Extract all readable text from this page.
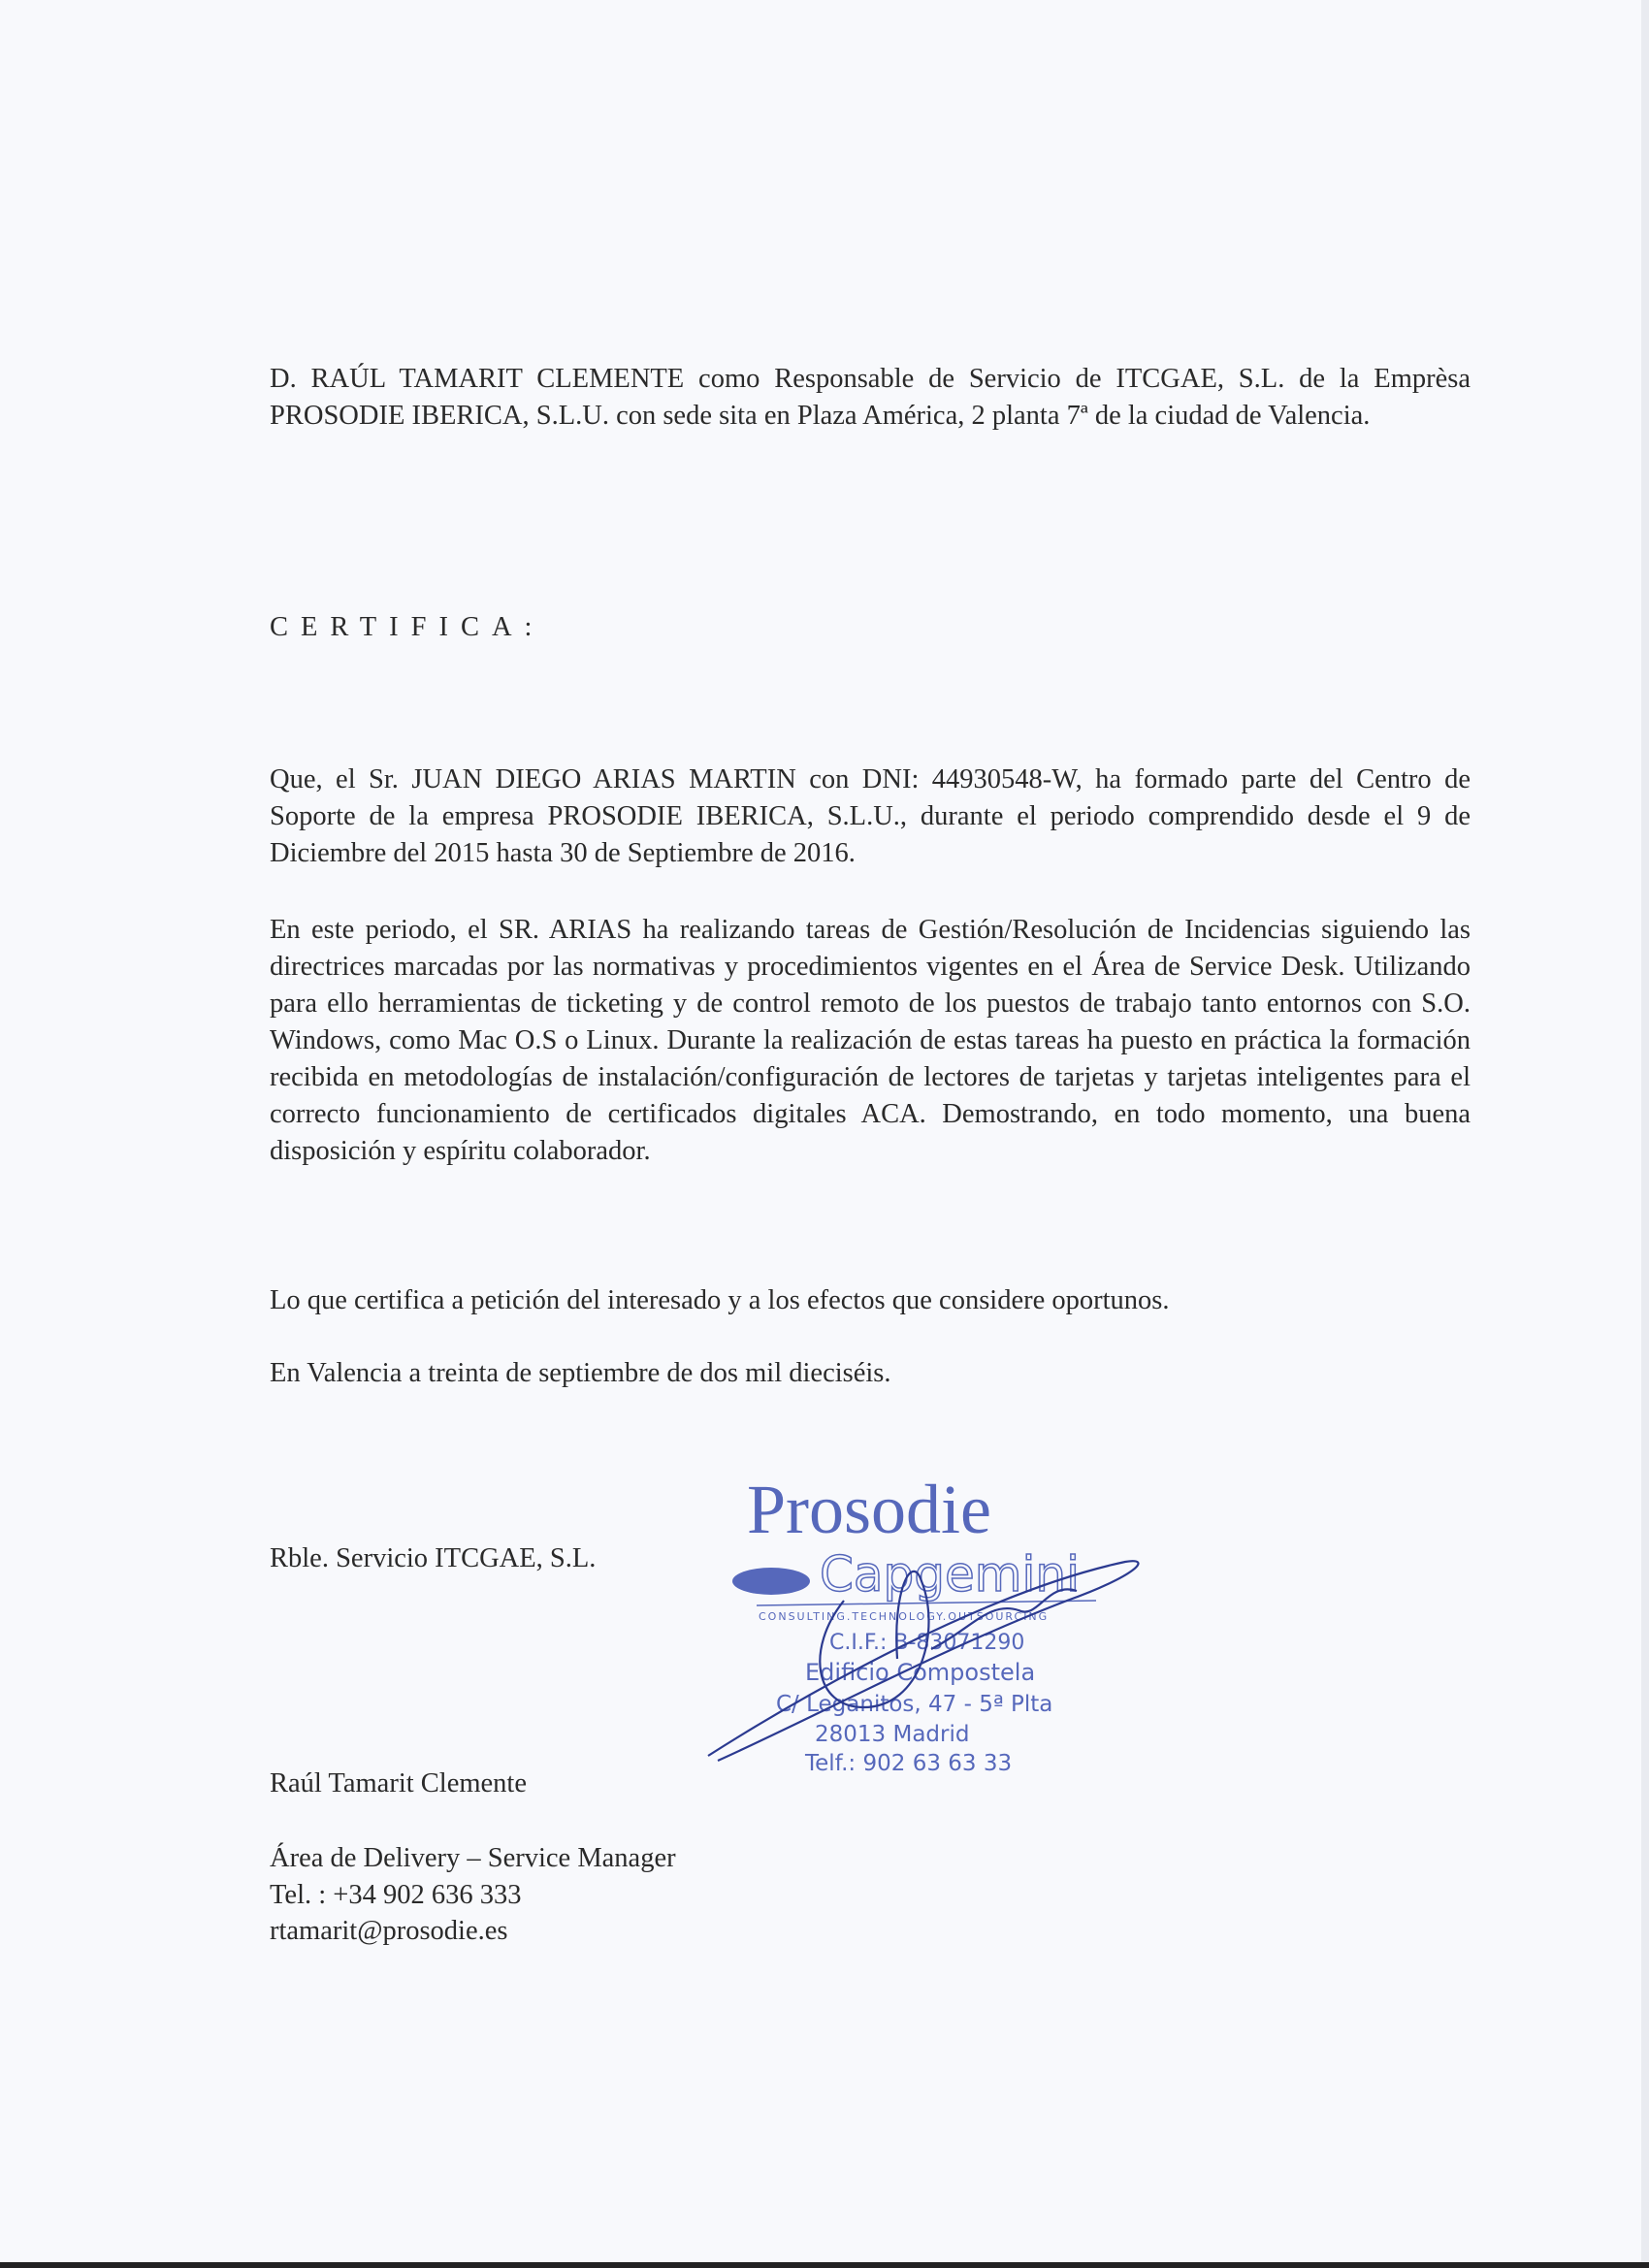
D. RAÚL TAMARIT CLEMENTE como Responsable de Servicio de ITCGAE, S.L. de la Emprèsa PROSODIE IBERICA, S.L.U. con sede sita en Plaza América, 2 planta 7ª de la ciudad de Valencia.

CERTIFICA:

Que, el Sr. JUAN DIEGO ARIAS MARTIN con DNI: 44930548-W, ha formado parte del Centro de Soporte de la empresa PROSODIE IBERICA, S.L.U., durante el periodo comprendido desde el 9 de Diciembre del 2015 hasta 30 de Septiembre de 2016.

En este periodo, el SR. ARIAS ha realizando tareas de Gestión/Resolución de Incidencias siguiendo las directrices marcadas por las normativas y procedimientos vigentes en el Área de Service Desk. Utilizando para ello herramientas de ticketing y de control remoto de los puestos de trabajo tanto entornos con S.O. Windows, como Mac O.S o Linux. Durante la realización de estas tareas ha puesto en práctica la formación recibida en metodologías de instalación/configuración de lectores de tarjetas y tarjetas inteligentes para el correcto funcionamiento de certificados digitales ACA. Demostrando, en todo momento, una buena disposición y espíritu colaborador.

Lo que certifica a petición del interesado y a los efectos que considere oportunos.
En Valencia a treinta de septiembre de dos mil dieciséis.
Rble. Servicio ITCGAE, S.L.
Prosodie
Capgemini
CONSULTING.TECHNOLOGY.OUTSOURCING
C.I.F.: B-83071290
Edificio Compostela
C/ Leganitos, 47 - 5ª Plta
28013 Madrid
Telf.: 902 63 63 33
Raúl Tamarit Clemente
Área de Delivery – Service Manager
Tel. : +34 902 636 333
rtamarit@prosodie.es
